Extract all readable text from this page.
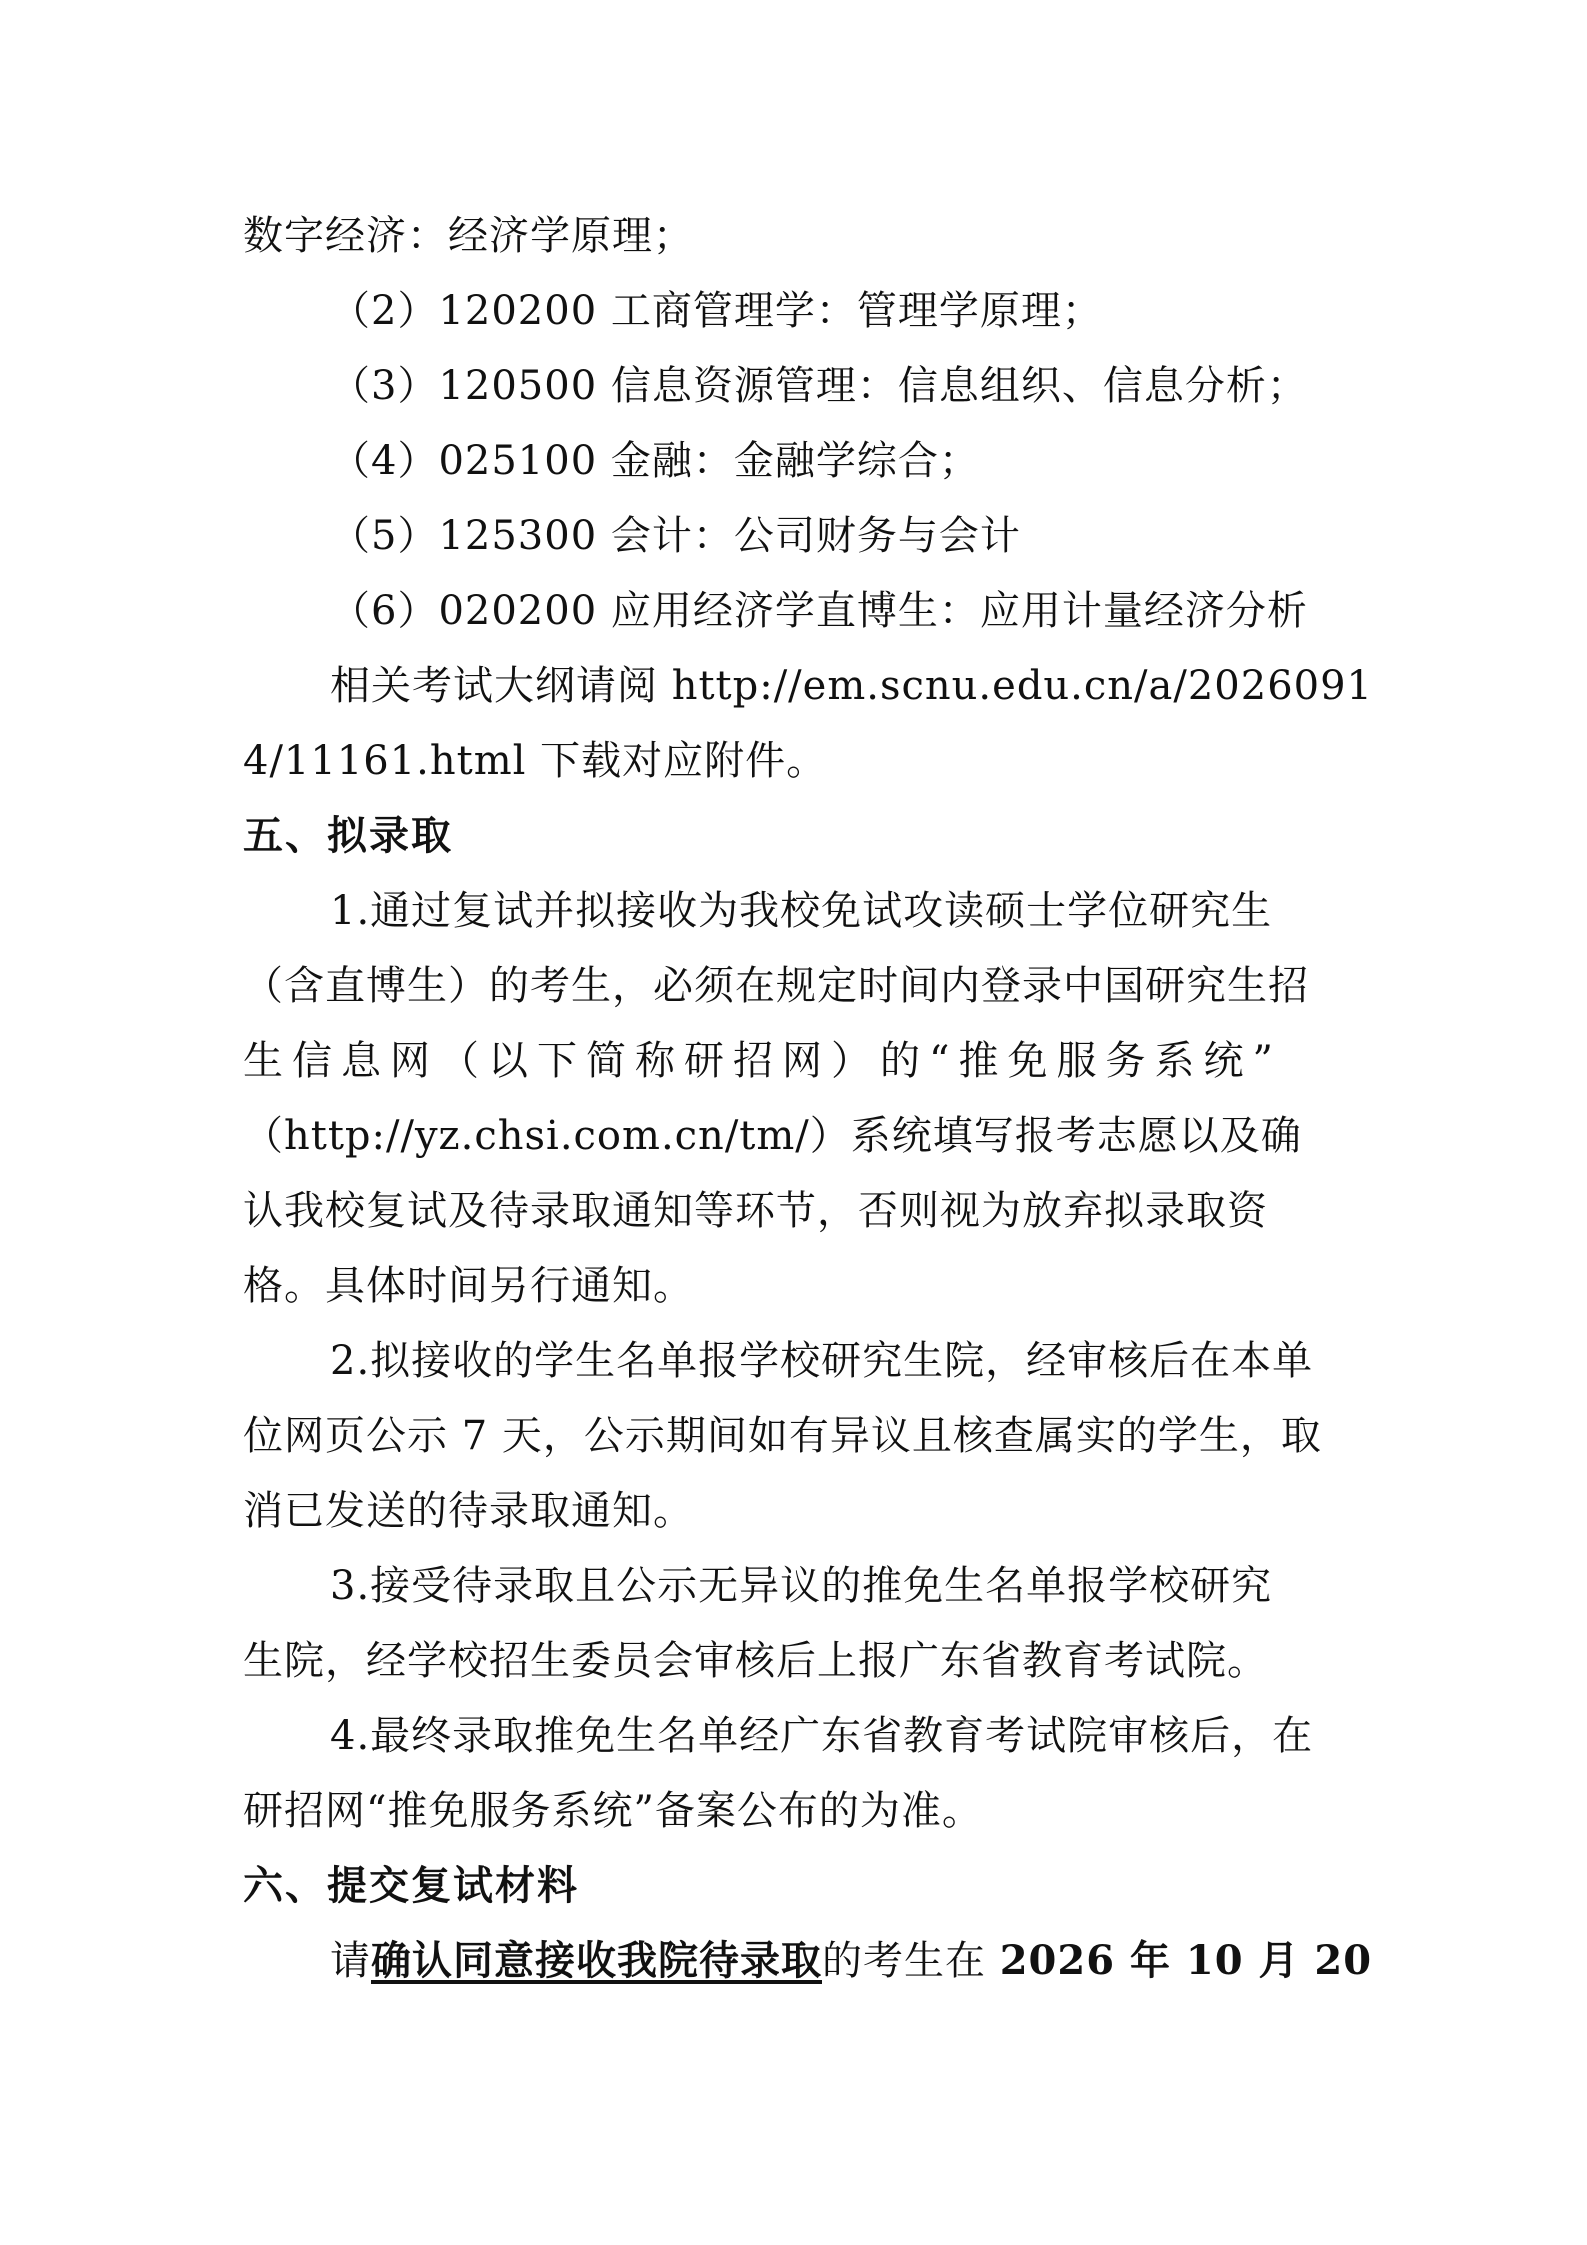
数字经济：经济学原理；
（2）120200 工商管理学：管理学原理；
（3）120500 信息资源管理：信息组织、信息分析；
（4）025100 金融：金融学综合；
（5）125300 会计：公司财务与会计
（6）020200 应用经济学直博生：应用计量经济分析
相关考试大纲请阅 http://em.scnu.edu.cn/a/2026091
4/11161.html 下载对应附件。
五、拟录取
1.通过复试并拟接收为我校免试攻读硕士学位研究生
（含直博生）的考生，必须在规定时间内登录中国研究生招
生信息网（以下简称研招网）的“推免服务系统”
（http://yz.chsi.com.cn/tm/）系统填写报考志愿以及确
认我校复试及待录取通知等环节，否则视为放弃拟录取资
格。具体时间另行通知。
2.拟接收的学生名单报学校研究生院，经审核后在本单
位网页公示 7 天，公示期间如有异议且核查属实的学生，取
消已发送的待录取通知。
3.接受待录取且公示无异议的推免生名单报学校研究
生院，经学校招生委员会审核后上报广东省教育考试院。
4.最终录取推免生名单经广东省教育考试院审核后，在
研招网“推免服务系统”备案公布的为准。
六、提交复试材料
请确认同意接收我院待录取的考生在 2026 年 10 月 20
